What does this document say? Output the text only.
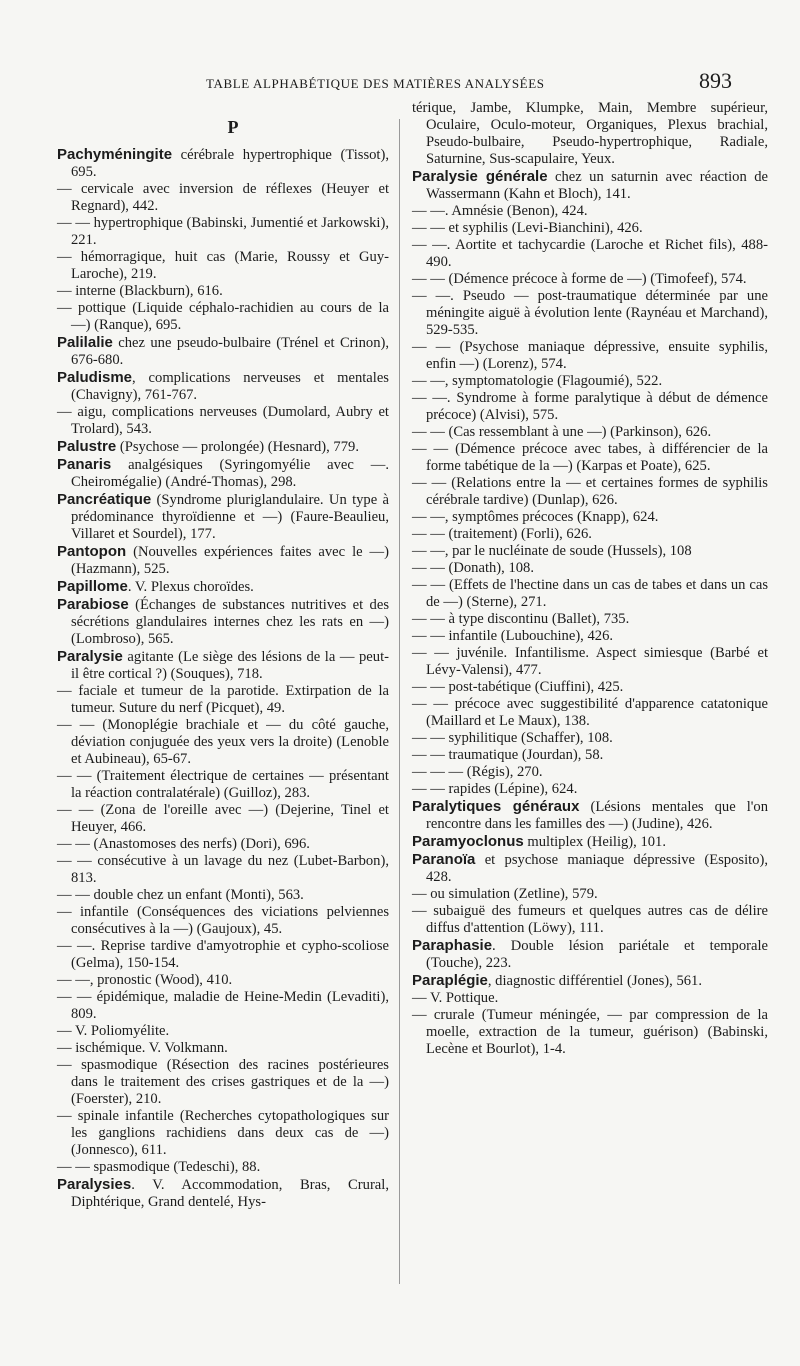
TABLE ALPHABÉTIQUE DES MATIÈRES ANALYSÉES	893
P

Pachyméningite cérébrale hypertrophique (Tissot), 695.

— cervicale avec inversion de réflexes (Heuyer et Regnard), 442.

— — hypertrophique (Babinski, Jumentié et Jarkowski), 221.

— hémorragique, huit cas (Marie, Roussy et Guy-Laroche), 219.

— interne (Blackburn), 616.

— pottique (Liquide céphalo-rachidien au cours de la —) (Ranque), 695.

Palilalie chez une pseudo-bulbaire (Trénel et Crinon), 676-680.

Paludisme, complications nerveuses et mentales (Chavigny), 761-767.

— aigu, complications nerveuses (Dumolard, Aubry et Trolard), 543.

Palustre (Psychose — prolongée) (Hesnard), 779.

Panaris analgésiques (Syringomyélie avec —. Cheiromégalie) (André-Thomas), 298.

Pancréatique (Syndrome pluriglandulaire. Un type à prédominance thyroïdienne et —) (Faure-Beaulieu, Villaret et Sourdel), 177.

Pantopon (Nouvelles expériences faites avec le —) (Hazmann), 525.

Papillome. V. Plexus choroïdes.

Parabiose (Échanges de substances nutritives et des sécrétions glandulaires internes chez les rats en —) (Lombroso), 565.

Paralysie agitante (Le siège des lésions de la — peut-il être cortical ?) (Souques), 718.

— faciale et tumeur de la parotide. Extirpation de la tumeur. Suture du nerf (Picquet), 49.

— — (Monoplégie brachiale et — du côté gauche, déviation conjuguée des yeux vers la droite) (Lenoble et Aubineau), 65-67.

— — (Traitement électrique de certaines — présentant la réaction contralatérale) (Guilloz), 283.

— — (Zona de l'oreille avec —) (Dejerine, Tinel et Heuyer, 466.

— — (Anastomoses des nerfs) (Dori), 696.

— — consécutive à un lavage du nez (Lubet-Barbon), 813.

— — double chez un enfant (Monti), 563.

— infantile (Conséquences des viciations pelviennes consécutives à la —) (Gaujoux), 45.

— —. Reprise tardive d'amyotrophie et cypho-scoliose (Gelma), 150-154.

— —, pronostic (Wood), 410.

— — épidémique, maladie de Heine-Medin (Levaditi), 809.

— V. Poliomyélite.

— ischémique. V. Volkmann.

— spasmodique (Résection des racines postérieures dans le traitement des crises gastriques et de la —) (Foerster), 210.

— spinale infantile (Recherches cytopathologiques sur les ganglions rachidiens dans deux cas de —) (Jonnesco), 611.

— — spasmodique (Tedeschi), 88.

Paralysies. V. Accommodation, Bras, Crural, Diphtérique, Grand dentelé, Hys-

térique, Jambe, Klumpke, Main, Membre supérieur, Oculaire, Oculo-moteur, Organiques, Plexus brachial, Pseudo-bulbaire, Pseudo-hypertrophique, Radiale, Saturnine, Sus-scapulaire, Yeux.

Paralysie générale chez un saturnin avec réaction de Wassermann (Kahn et Bloch), 141.

— —. Amnésie (Benon), 424.

— — et syphilis (Levi-Bianchini), 426.

— —. Aortite et tachycardie (Laroche et Richet fils), 488-490.

— — (Démence précoce à forme de —) (Timofeef), 574.

— —. Pseudo — post-traumatique déterminée par une méningite aiguë à évolution lente (Raynéau et Marchand), 529-535.

— — (Psychose maniaque dépressive, ensuite syphilis, enfin —) (Lorenz), 574.

— —, symptomatologie (Flagoumié), 522.

— —. Syndrome à forme paralytique à début de démence précoce) (Alvisi), 575.

— — (Cas ressemblant à une —) (Parkinson), 626.

— — (Démence précoce avec tabes, à différencier de la forme tabétique de la —) (Karpas et Poate), 625.

— — (Relations entre la — et certaines formes de syphilis cérébrale tardive) (Dunlap), 626.

— —, symptômes précoces (Knapp), 624.

— — (traitement) (Forli), 626.

— —, par le nucléinate de soude (Hussels), 108

— — (Donath), 108.

— — (Effets de l'hectine dans un cas de tabes et dans un cas de —) (Sterne), 271.

— — à type discontinu (Ballet), 735.

— — infantile (Lubouchine), 426.

— — juvénile. Infantilisme. Aspect simiesque (Barbé et Lévy-Valensi), 477.

— — post-tabétique (Ciuffini), 425.

— — précoce avec suggestibilité d'apparence catatonique (Maillard et Le Maux), 138.

— — syphilitique (Schaffer), 108.

— — traumatique (Jourdan), 58.

— — — (Régis), 270.

— — rapides (Lépine), 624.

Paralytiques généraux (Lésions mentales que l'on rencontre dans les familles des —) (Judine), 426.

Paramyoclonus multiplex (Heilig), 101.

Paranoïa et psychose maniaque dépressive (Esposito), 428.

— ou simulation (Zetline), 579.

— subaiguë des fumeurs et quelques autres cas de délire diffus d'attention (Löwy), 111.

Paraphasie. Double lésion pariétale et temporale (Touche), 223.

Paraplégie, diagnostic différentiel (Jones), 561.

— V. Pottique.

— crurale (Tumeur méningée, — par compression de la moelle, extraction de la tumeur, guérison) (Babinski, Lecène et Bourlot), 1-4.
